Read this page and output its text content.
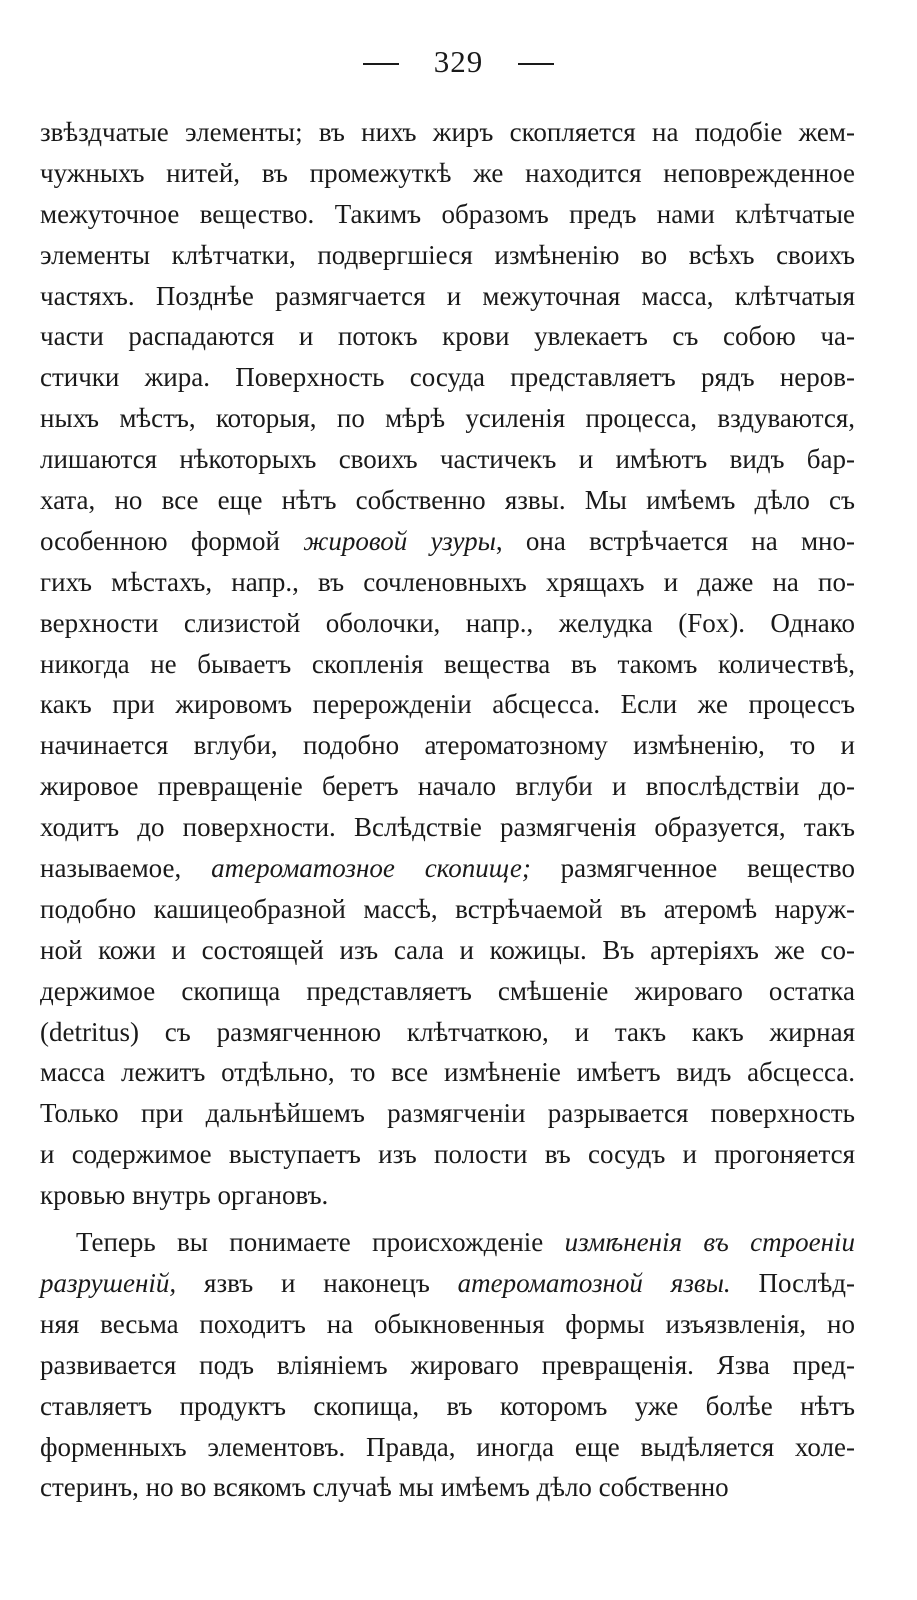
329
звѣздчатые элементы; въ нихъ жиръ скопляется на подобіе жем-
чужныхъ нитей, въ промежуткѣ же находится неповрежденное
межуточное вещество. Такимъ образомъ предъ нами клѣтчатые
элементы клѣтчатки, подвергшіеся измѣненію во всѣхъ своихъ
частяхъ. Позднѣе размягчается и межуточная масса, клѣтчатыя
части распадаются и потокъ крови увлекаетъ съ собою ча-
стички жира. Поверхность сосуда представляетъ рядъ неров-
ныхъ мѣстъ, которыя, по мѣрѣ усиленія процесса, вздуваются,
лишаются нѣкоторыхъ своихъ частичекъ и имѣютъ видъ бар-
хата, но все еще нѣтъ собственно язвы. Мы имѣемъ дѣло съ
особенною формой жировой узуры, она встрѣчается на мно-
гихъ мѣстахъ, напр., въ сочленовныхъ хрящахъ и даже на по-
верхности слизистой оболочки, напр., желудка (Fox). Однако
никогда не бываетъ скопленія вещества въ такомъ количествѣ,
какъ при жировомъ перерожденіи абсцесса. Если же процессъ
начинается вглуби, подобно атероматозному измѣненію, то и
жировое превращеніе беретъ начало вглуби и впослѣдствіи до-
ходитъ до поверхности. Вслѣдствіе размягченія образуется, такъ
называемое, атероматозное скопище; размягченное вещество
подобно кашицеобразной массѣ, встрѣчаемой въ атеромѣ наруж-
ной кожи и состоящей изъ сала и кожицы. Въ артеріяхъ же со-
держимое скопища представляетъ смѣшеніе жироваго остатка
(detritus) съ размягченною клѣтчаткою, и такъ какъ жирная
масса лежитъ отдѣльно, то все измѣненіе имѣетъ видъ абсцесса.
Только при дальнѣйшемъ размягченіи разрывается поверхность
и содержимое выступаетъ изъ полости въ сосудъ и прогоняется
кровью внутрь органовъ.
Теперь вы понимаете происхожденіе измѣненія въ строеніи
разрушеній, язвъ и наконецъ атероматозной язвы. Послѣд-
няя весьма походитъ на обыкновенныя формы изъязвленія, но
развивается подъ вліяніемъ жироваго превращенія. Язва пред-
ставляетъ продуктъ скопища, въ которомъ уже болѣе нѣтъ
форменныхъ элементовъ. Правда, иногда еще выдѣляется холе-
стеринъ, но во всякомъ случаѣ мы имѣемъ дѣло собственно
